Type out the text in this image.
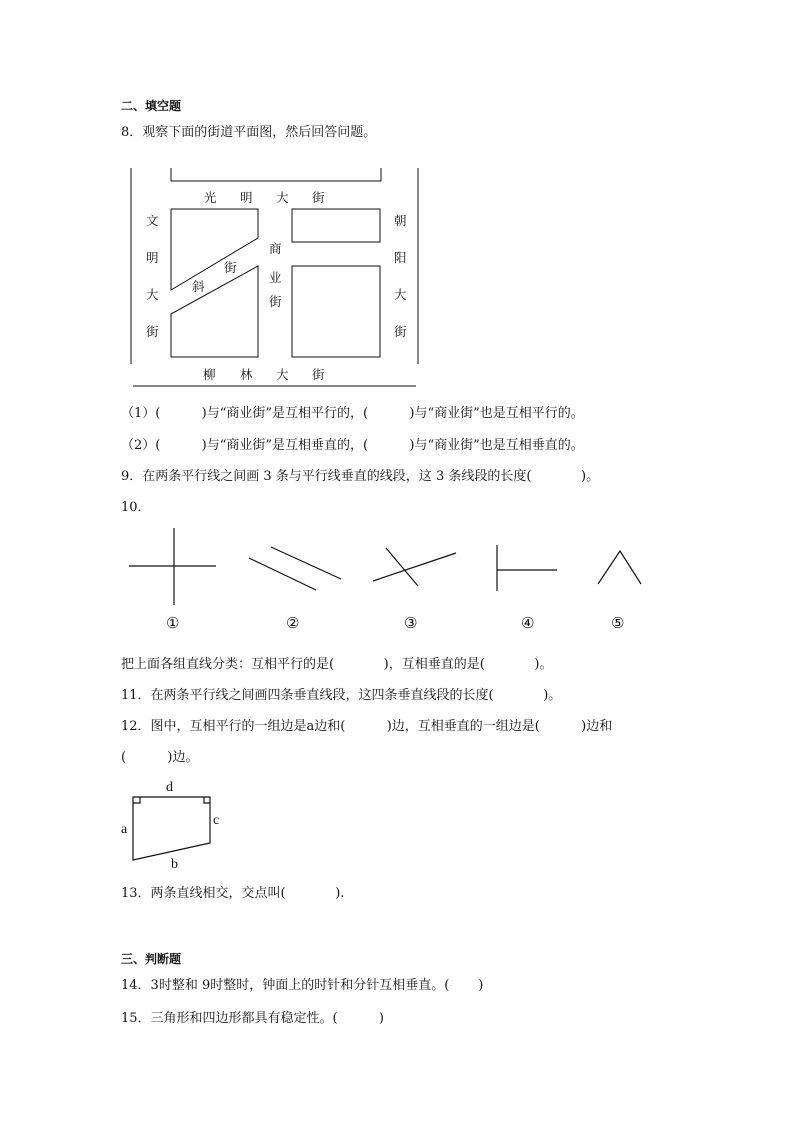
二、填空题
8．观察下面的街道平面图，然后回答问题。
光 明 大 街
柳 林 大 街
文
明
大
街
朝
阳
大
街
商
业
街
斜
街
（1）(          )与“商业街”是互相平行的，(          )与“商业街”也是互相平行的。
（2）(          )与“商业街”是互相垂直的，(          )与“商业街”也是互相垂直的。
9．在两条平行线之间画 3 条与平行线垂直的线段，这 3 条线段的长度(            )。
10．
①	②	③	④	⑤
把上面各组直线分类：互相平行的是(            )，互相垂直的是(            )。
11．在两条平行线之间画四条垂直线段，这四条垂直线段的长度(            )。
12．图中，互相平行的一组边是a边和(          )边，互相垂直的一组边是(          )边和
(          )边。
d
a
c
b
13．两条直线相交，交点叫(            ).
三、判断题
14．3时整和 9时整时，钟面上的时针和分针互相垂直。(       )
15．三角形和四边形都具有稳定性。(          )
